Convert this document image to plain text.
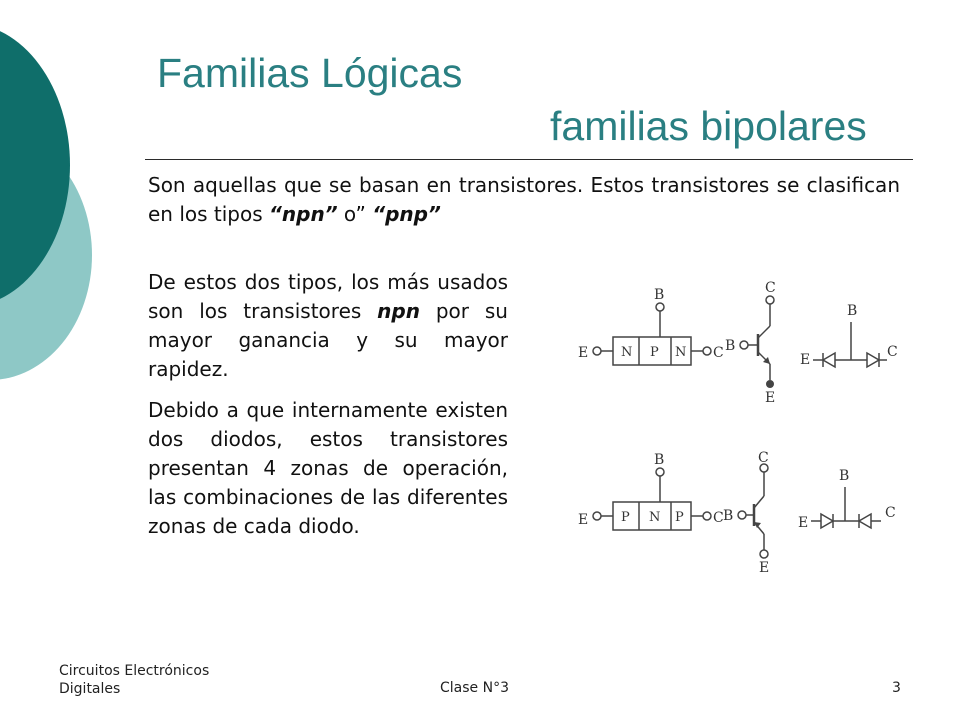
Familias Lógicas
familias bipolares
Son aquellas que se basan en transistores. Estos transistores se clasifican en los tipos “npn” o” “pnp”
De estos dos tipos, los más usados son los transistores npn por su mayor ganancia y su mayor rapidez.
Debido a que internamente existen dos diodos, estos transistores presentan 4 zonas de operación, las combinaciones de las diferentes zonas de cada diodo.
E	N P N C
B	C
E
B
B
E	C
E	P N P C
B	C
E
B
B
E
C
Circuitos Electrónicos Digitales	Clase N°3	3
